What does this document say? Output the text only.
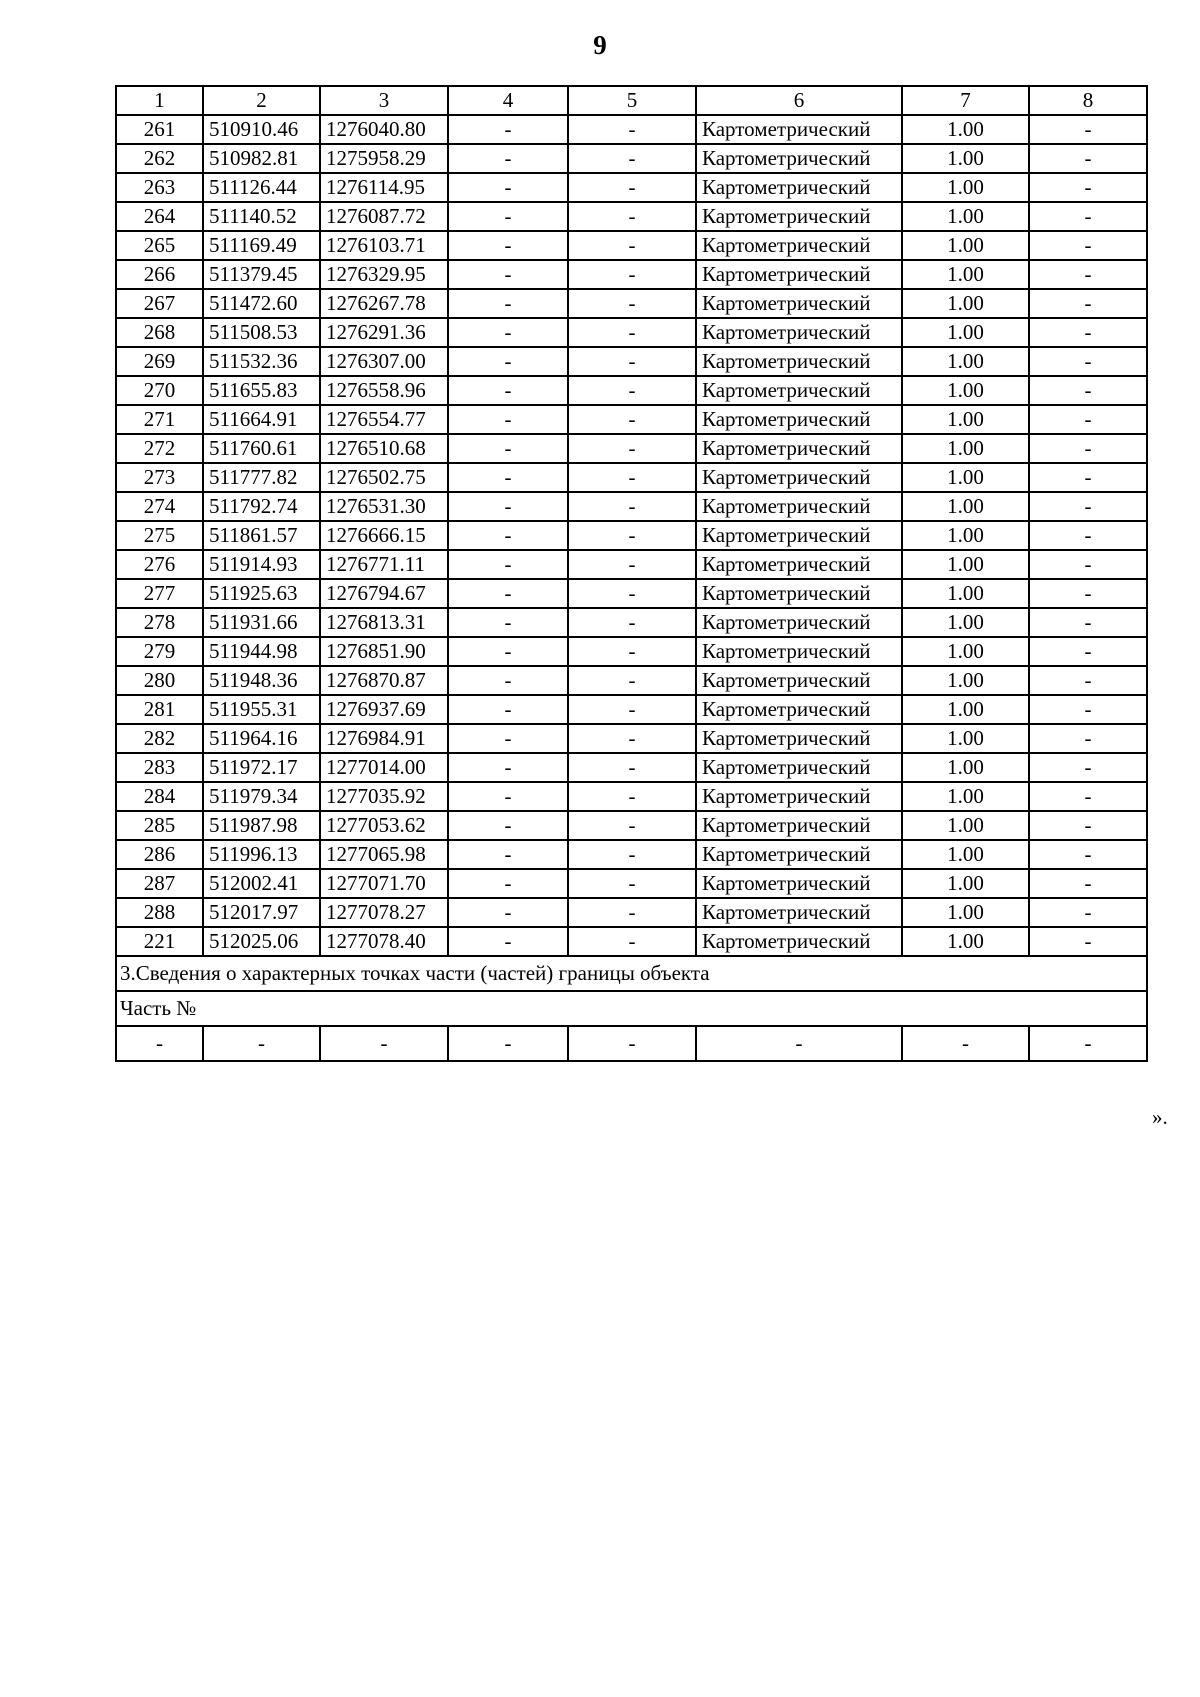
9
1	2	3	4	5	6	7	8
261	510910.46	1276040.80	-	-	Картометрический	1.00	-
262	510982.81	1275958.29	-	-	Картометрический	1.00	-
263	511126.44	1276114.95	-	-	Картометрический	1.00	-
264	511140.52	1276087.72	-	-	Картометрический	1.00	-
265	511169.49	1276103.71	-	-	Картометрический	1.00	-
266	511379.45	1276329.95	-	-	Картометрический	1.00	-
267	511472.60	1276267.78	-	-	Картометрический	1.00	-
268	511508.53	1276291.36	-	-	Картометрический	1.00	-
269	511532.36	1276307.00	-	-	Картометрический	1.00	-
270	511655.83	1276558.96	-	-	Картометрический	1.00	-
271	511664.91	1276554.77	-	-	Картометрический	1.00	-
272	511760.61	1276510.68	-	-	Картометрический	1.00	-
273	511777.82	1276502.75	-	-	Картометрический	1.00	-
274	511792.74	1276531.30	-	-	Картометрический	1.00	-
275	511861.57	1276666.15	-	-	Картометрический	1.00	-
276	511914.93	1276771.11	-	-	Картометрический	1.00	-
277	511925.63	1276794.67	-	-	Картометрический	1.00	-
278	511931.66	1276813.31	-	-	Картометрический	1.00	-
279	511944.98	1276851.90	-	-	Картометрический	1.00	-
280	511948.36	1276870.87	-	-	Картометрический	1.00	-
281	511955.31	1276937.69	-	-	Картометрический	1.00	-
282	511964.16	1276984.91	-	-	Картометрический	1.00	-
283	511972.17	1277014.00	-	-	Картометрический	1.00	-
284	511979.34	1277035.92	-	-	Картометрический	1.00	-
285	511987.98	1277053.62	-	-	Картометрический	1.00	-
286	511996.13	1277065.98	-	-	Картометрический	1.00	-
287	512002.41	1277071.70	-	-	Картометрический	1.00	-
288	512017.97	1277078.27	-	-	Картометрический	1.00	-
221	512025.06	1277078.40	-	-	Картометрический	1.00	-
3.Сведения о характерных точках части (частей) границы объекта							
Часть №							
-	-	-	-	-	-	-	-
».
